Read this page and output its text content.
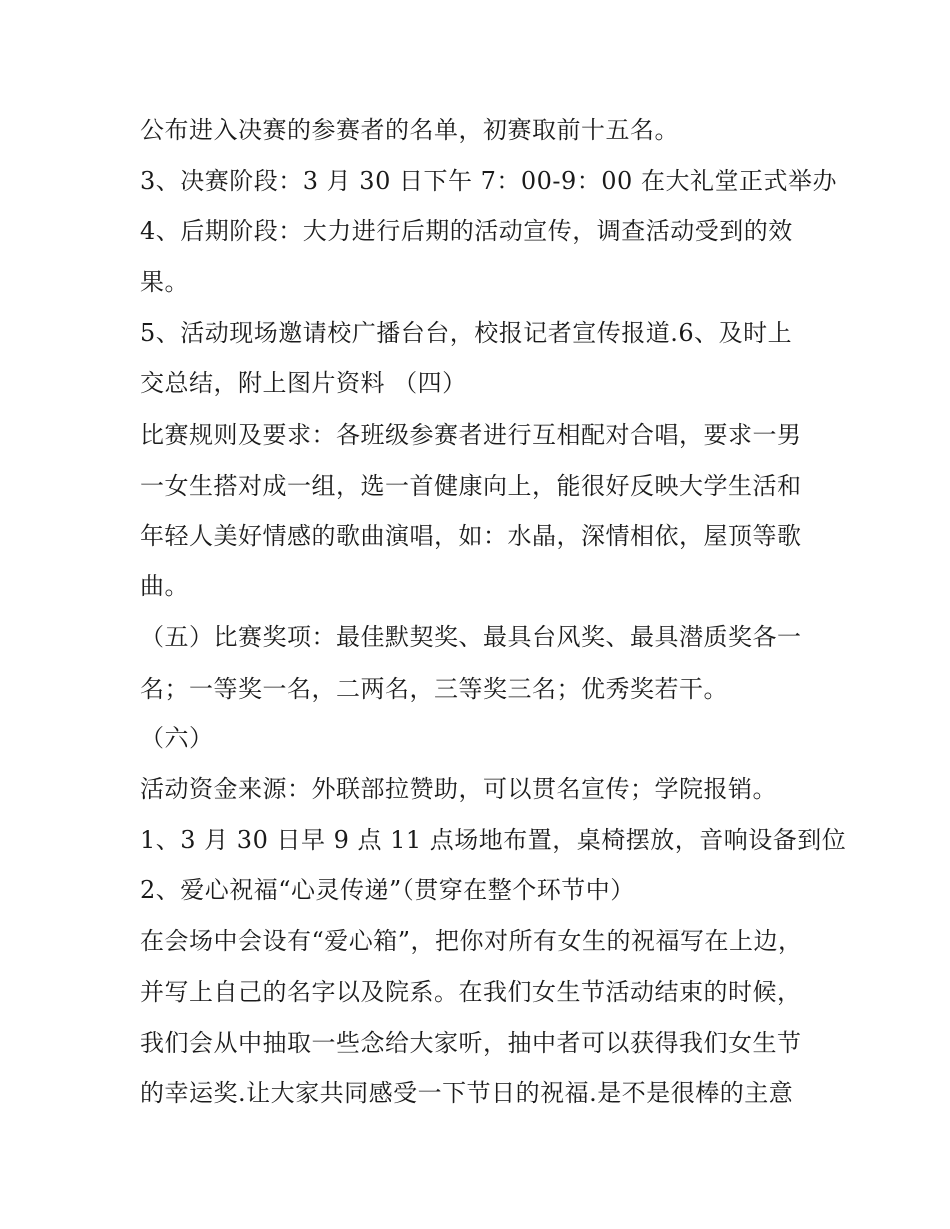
公布进入决赛的参赛者的名单，初赛取前十五名。
3、决赛阶段：3 月 30 日下午 7：00-9：00 在大礼堂正式举办
4、后期阶段：大力进行后期的活动宣传，调查活动受到的效
果。
5、活动现场邀请校广播台台，校报记者宣传报道.6、及时上
交总结，附上图片资料 （四）
比赛规则及要求：各班级参赛者进行互相配对合唱，要求一男
一女生搭对成一组，选一首健康向上，能很好反映大学生活和
年轻人美好情感的歌曲演唱，如：水晶，深情相依，屋顶等歌
曲。
（五）比赛奖项：最佳默契奖、最具台风奖、最具潜质奖各一
名；一等奖一名，二两名，三等奖三名；优秀奖若干。
（六）
活动资金来源：外联部拉赞助，可以贯名宣传；学院报销。
1、3 月 30 日早 9 点 11 点场地布置，桌椅摆放，音响设备到位
2、爱心祝福“心灵传递”（贯穿在整个环节中）
在会场中会设有“爱心箱”，把你对所有女生的祝福写在上边，
并写上自己的名字以及院系。在我们女生节活动结束的时候，
我们会从中抽取一些念给大家听，抽中者可以获得我们女生节
的幸运奖.让大家共同感受一下节日的祝福.是不是很棒的主意
